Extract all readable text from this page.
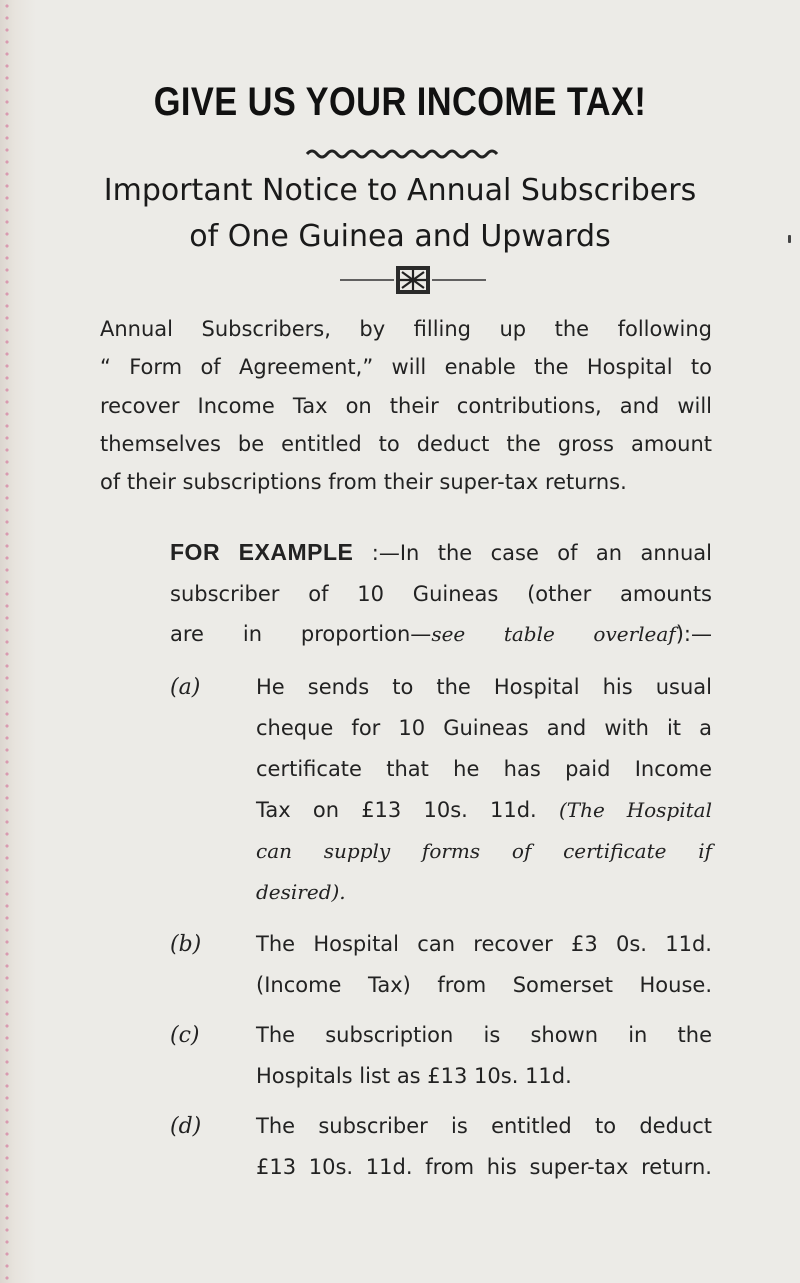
GIVE US YOUR INCOME TAX!
Important Notice to Annual Subscribers
of One Guinea and Upwards
Annual Subscribers, by filling up the following
“ Form of Agreement,” will enable the Hospital to
recover Income Tax on their contributions, and will
themselves be entitled to deduct the gross amount
of their subscriptions from their super-tax returns.
FOR EXAMPLE :—In the case of an annual
subscriber of 10 Guineas (other amounts
are in proportion—see table overleaf):—
(a)	He sends to the Hospital his usual
cheque for 10 Guineas and with it a
certificate that he has paid Income
Tax on £13 10s. 11d. (The Hospital
can supply forms of certificate if
desired).
(b)	The Hospital can recover £3 0s. 11d.
(Income Tax) from Somerset House.
(c)	The subscription is shown in the
Hospitals list as £13 10s. 11d.
(d)	The subscriber is entitled to deduct
£13 10s. 11d. from his super-tax return.
